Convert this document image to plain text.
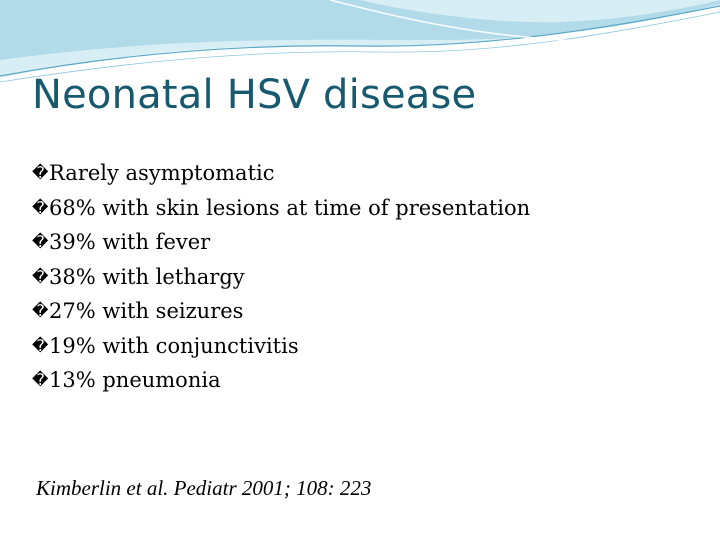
Neonatal HSV disease
� Rarely asymptomatic
� 68% with skin lesions at time of presentation
� 39% with fever
� 38% with lethargy
� 27% with seizures
� 19% with conjunctivitis
� 13% pneumonia
Kimberlin et al. Pediatr 2001; 108: 223
